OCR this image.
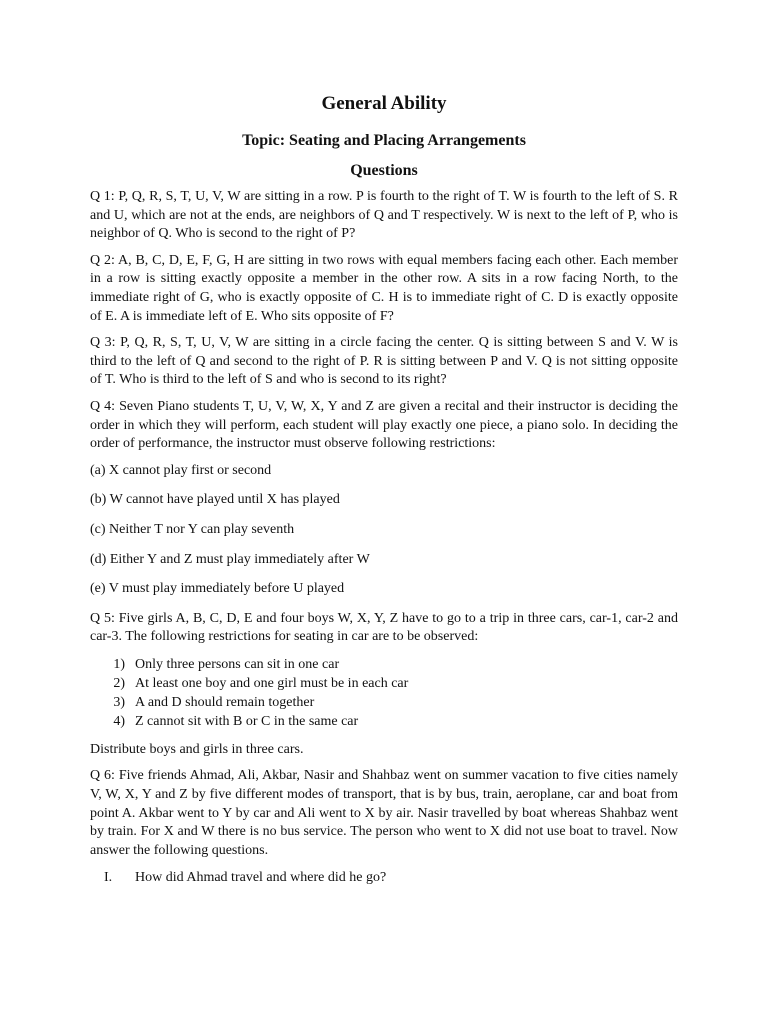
General Ability
Topic: Seating and Placing Arrangements
Questions

Q 1: P, Q, R, S, T, U, V, W are sitting in a row. P is fourth to the right of T. W is fourth to the left of S. R and U, which are not at the ends, are neighbors of Q and T respectively. W is next to the left of P, who is neighbor of Q. Who is second to the right of P?

Q 2: A, B, C, D, E, F, G, H are sitting in two rows with equal members facing each other. Each member in a row is sitting exactly opposite a member in the other row. A sits in a row facing North, to the immediate right of G, who is exactly opposite of C. H is to immediate right of C. D is exactly opposite of E. A is immediate left of E. Who sits opposite of F?

Q 3: P, Q, R, S, T, U, V, W are sitting in a circle facing the center. Q is sitting between S and V. W is third to the left of Q and second to the right of P. R is sitting between P and V. Q is not sitting opposite of T. Who is third to the left of S and who is second to its right?

Q 4: Seven Piano students T, U, V, W, X, Y and Z are given a recital and their instructor is deciding the order in which they will perform, each student will play exactly one piece, a piano solo. In deciding the order of performance, the instructor must observe following restrictions:

(a) X cannot play first or second

(b) W cannot have played until X has played

(c) Neither T nor Y can play seventh

(d) Either Y and Z must play immediately after W

(e) V must play immediately before U played

Q 5: Five girls A, B, C, D, E and four boys W, X, Y, Z have to go to a trip in three cars, car-1, car-2 and car-3. The following restrictions for seating in car are to be observed:

1) Only three persons can sit in one car
2) At least one boy and one girl must be in each car
3) A and D should remain together
4) Z cannot sit with B or C in the same car

Distribute boys and girls in three cars.

Q 6: Five friends Ahmad, Ali, Akbar, Nasir and Shahbaz went on summer vacation to five cities namely V, W, X, Y and Z by five different modes of transport, that is by bus, train, aeroplane, car and boat from point A. Akbar went to Y by car and Ali went to X by air. Nasir travelled by boat whereas Shahbaz went by train. For X and W there is no bus service. The person who went to X did not use boat to travel. Now answer the following questions.

I.	How did Ahmad travel and where did he go?
